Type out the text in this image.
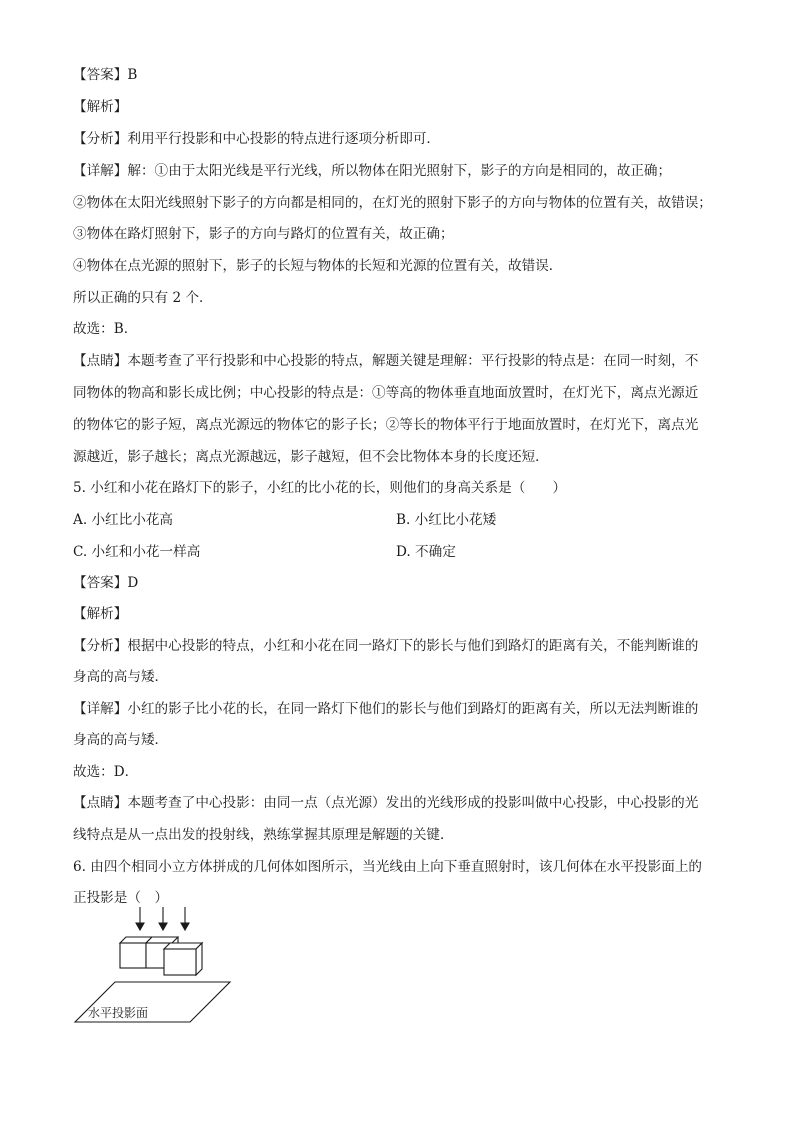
【答案】B
【解析】
【分析】利用平行投影和中心投影的特点进行逐项分析即可．
【详解】解：①由于太阳光线是平行光线，所以物体在阳光照射下，影子的方向是相同的，故正确；
②物体在太阳光线照射下影子的方向都是相同的，在灯光的照射下影子的方向与物体的位置有关，故错误；
③物体在路灯照射下，影子的方向与路灯的位置有关，故正确；
④物体在点光源的照射下，影子的长短与物体的长短和光源的位置有关，故错误．
所以正确的只有 2 个．
故选：B．
【点睛】本题考查了平行投影和中心投影的特点，解题关键是理解：平行投影的特点是：在同一时刻，不
同物体的物高和影长成比例；中心投影的特点是：①等高的物体垂直地面放置时，在灯光下，离点光源近
的物体它的影子短，离点光源远的物体它的影子长；②等长的物体平行于地面放置时，在灯光下，离点光
源越近，影子越长；离点光源越远，影子越短，但不会比物体本身的长度还短．
5. 小红和小花在路灯下的影子，小红的比小花的长，则他们的身高关系是（　　）
A. 小红比小花高	B. 小红比小花矮
C. 小红和小花一样高	D. 不确定
【答案】D
【解析】
【分析】根据中心投影的特点，小红和小花在同一路灯下的影长与他们到路灯的距离有关，不能判断谁的
身高的高与矮．
【详解】小红的影子比小花的长，在同一路灯下他们的影长与他们到路灯的距离有关，所以无法判断谁的
身高的高与矮．
故选：D．
【点睛】本题考查了中心投影：由同一点（点光源）发出的光线形成的投影叫做中心投影，中心投影的光
线特点是从一点出发的投射线，熟练掌握其原理是解题的关键．
6. 由四个相同小立方体拼成的几何体如图所示，当光线由上向下垂直照射时，该几何体在水平投影面上的
正投影是（　）
水平投影面
